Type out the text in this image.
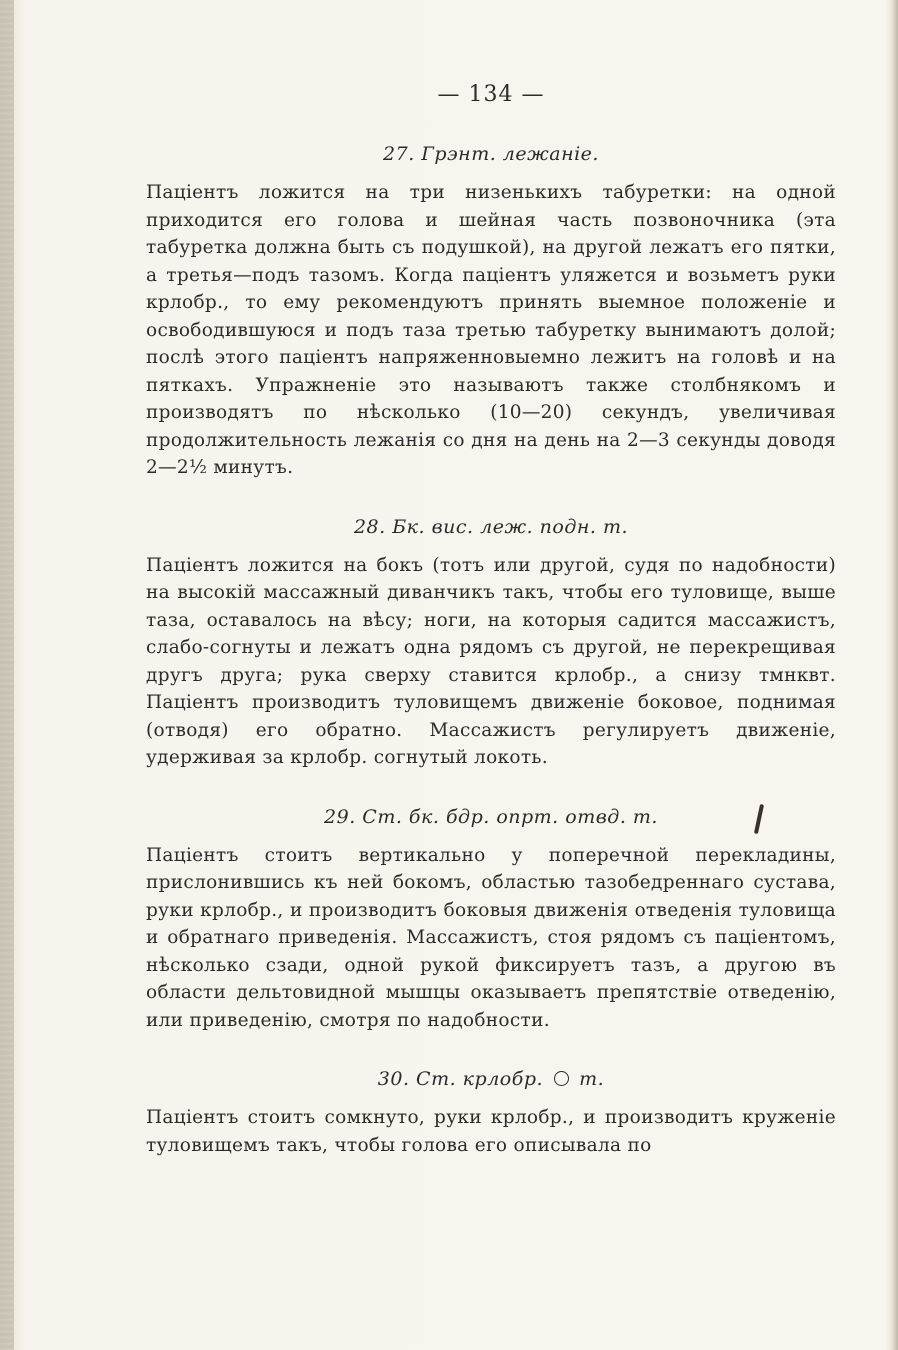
— 134 —
27. Грэнт. лежаніе.

Паціентъ ложится на три низенькихъ табуретки: на одной приходится его голова и шейная часть позвоночника (эта табуретка должна быть съ подушкой), на другой лежатъ его пятки, а третья—подъ тазомъ. Когда паціентъ уляжется и возьметъ руки крлобр., то ему рекомендуютъ принять выемное положеніе и освободившуюся и подъ таза третью табуретку вынимаютъ долой; послѣ этого паціентъ напряженновыемно лежитъ на головѣ и на пяткахъ. Упражненіе это называютъ также столбнякомъ и производятъ по нѣсколько (10—20) секундъ, увеличивая продолжительность лежанія со дня на день на 2—3 секунды доводя 2—2½ минутъ.

28. Бк. вис. леж. подн. т.

Паціентъ ложится на бокъ (тотъ или другой, судя по надобности) на высокій массажный диванчикъ такъ, чтобы его туловище, выше таза, оставалось на вѣсу; ноги, на которыя садится массажистъ, слабо-согнуты и лежатъ одна рядомъ съ другой, не перекрещивая другъ друга; рука сверху ставится крлобр., а снизу тмнквт. Паціентъ производитъ туловищемъ движеніе боковое, поднимая (отводя) его обратно. Массажистъ регулируетъ движеніе, удерживая за крлобр. согнутый локоть.

29. Ст. бк. бдр. опрт. отвд. т.

Паціентъ стоитъ вертикально у поперечной перекладины, прислонившись къ ней бокомъ, областью тазобедреннаго сустава, руки крлобр., и производитъ боковыя движенія отведенія туловища и обратнаго приведенія. Массажистъ, стоя рядомъ съ паціентомъ, нѣсколько сзади, одной рукой фиксируетъ тазъ, а другою въ области дельтовидной мышцы оказываетъ препятствіе отведенію, или приведенію, смотря по надобности.

30. Ст. крлобр. т.

Паціентъ стоитъ сомкнуто, руки крлобр., и производитъ круженіе туловищемъ такъ, чтобы голова его описывала по
